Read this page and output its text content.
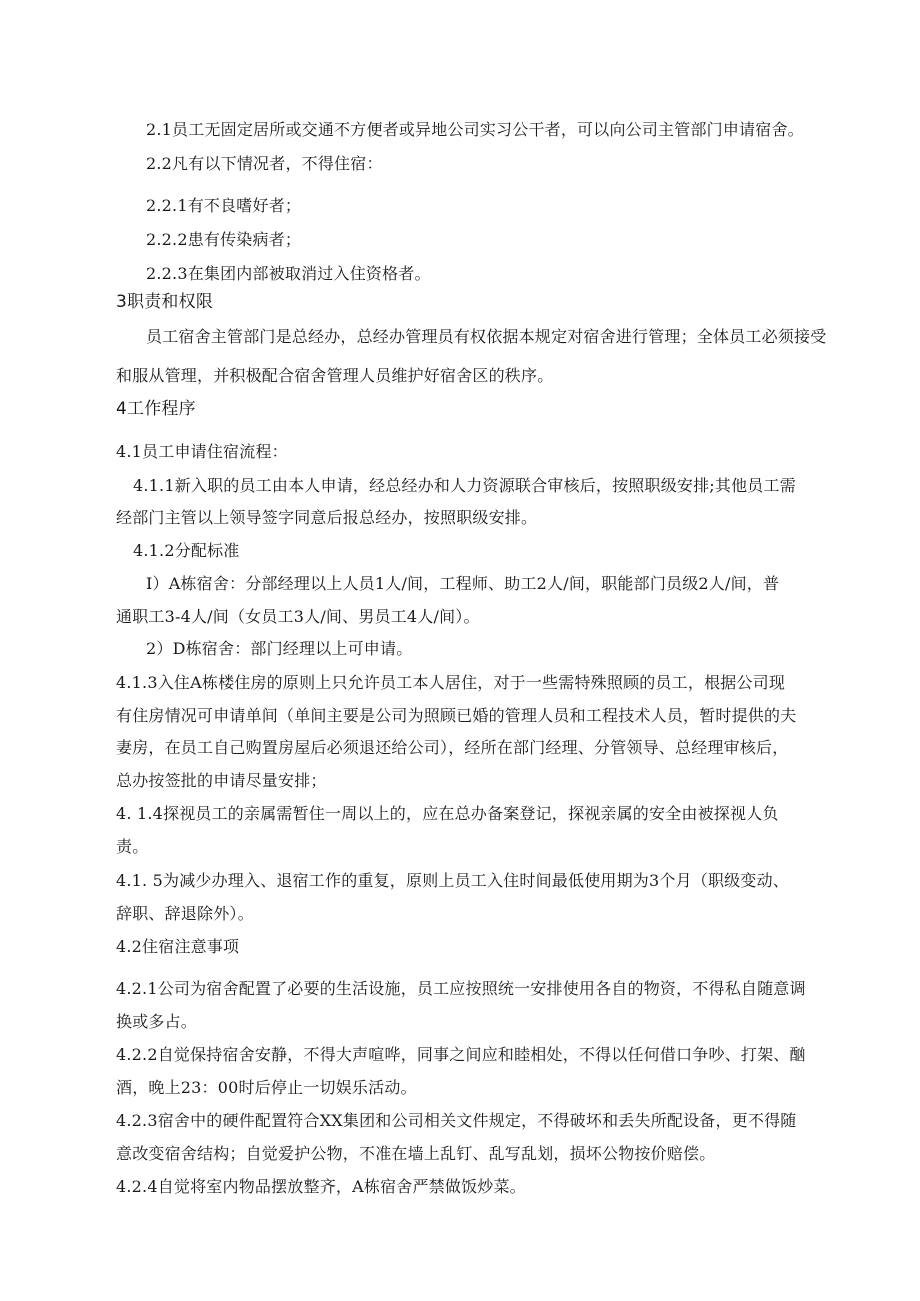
2.1员工无固定居所或交通不方便者或异地公司实习公干者，可以向公司主管部门申请宿舍。
2.2凡有以下情况者，不得住宿：
2.2.1有不良嗜好者；
2.2.2患有传染病者；
2.2.3在集团内部被取消过入住资格者。
3职责和权限
员工宿舍主管部门是总经办，总经办管理员有权依据本规定对宿舍进行管理；全体员工必须接受
和服从管理，并积极配合宿舍管理人员维护好宿舍区的秩序。
4工作程序
4.1员工申请住宿流程：
4.1.1新入职的员工由本人申请，经总经办和人力资源联合审核后，按照职级安排;其他员工需
经部门主管以上领导签字同意后报总经办，按照职级安排。
4.1.2分配标准
I）A栋宿舍：分部经理以上人员1人/间，工程师、助工2人/间，职能部门员级2人/间，普
通职工3-4人/间（女员工3人/间、男员工4人/间）。
2）D栋宿舍：部门经理以上可申请。
4.1.3入住A栋楼住房的原则上只允许员工本人居住，对于一些需特殊照顾的员工，根据公司现
有住房情况可申请单间（单间主要是公司为照顾已婚的管理人员和工程技术人员，暂时提供的夫
妻房，在员工自己购置房屋后必须退还给公司），经所在部门经理、分管领导、总经理审核后，
总办按签批的申请尽量安排；
4. 1.4探视员工的亲属需暂住一周以上的，应在总办备案登记，探视亲属的安全由被探视人负
责。
4.1. 5为减少办理入、退宿工作的重复，原则上员工入住时间最低使用期为3个月（职级变动、
辞职、辞退除外）。
4.2住宿注意事项
4.2.1公司为宿舍配置了必要的生活设施，员工应按照统一安排使用各自的物资，不得私自随意调
换或多占。
4.2.2自觉保持宿舍安静，不得大声喧哗，同事之间应和睦相处，不得以任何借口争吵、打架、酗
酒，晚上23：00时后停止一切娱乐活动。
4.2.3宿舍中的硬件配置符合XX集团和公司相关文件规定，不得破坏和丢失所配设备，更不得随
意改变宿舍结构；自觉爱护公物，不准在墙上乱钉、乱写乱划，损坏公物按价赔偿。
4.2.4自觉将室内物品摆放整齐，A栋宿舍严禁做饭炒菜。
